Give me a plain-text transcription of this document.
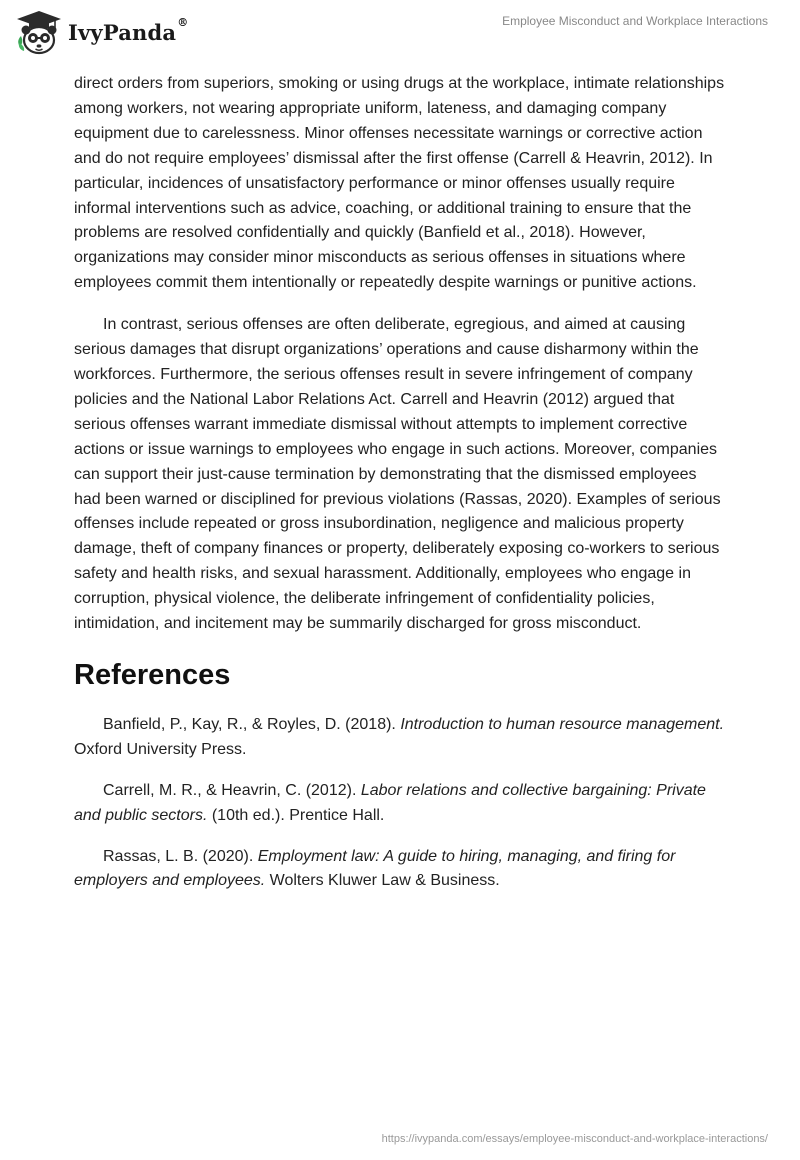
IvyPanda®	Employee Misconduct and Workplace Interactions

direct orders from superiors, smoking or using drugs at the workplace, intimate relationships among workers, not wearing appropriate uniform, lateness, and damaging company equipment due to carelessness. Minor offenses necessitate warnings or corrective action and do not require employees’ dismissal after the first offense (Carrell & Heavrin, 2012). In particular, incidences of unsatisfactory performance or minor offenses usually require informal interventions such as advice, coaching, or additional training to ensure that the problems are resolved confidentially and quickly (Banfield et al., 2018). However, organizations may consider minor misconducts as serious offenses in situations where employees commit them intentionally or repeatedly despite warnings or punitive actions.

In contrast, serious offenses are often deliberate, egregious, and aimed at causing serious damages that disrupt organizations’ operations and cause disharmony within the workforces. Furthermore, the serious offenses result in severe infringement of company policies and the National Labor Relations Act. Carrell and Heavrin (2012) argued that serious offenses warrant immediate dismissal without attempts to implement corrective actions or issue warnings to employees who engage in such actions. Moreover, companies can support their just-cause termination by demonstrating that the dismissed employees had been warned or disciplined for previous violations (Rassas, 2020). Examples of serious offenses include repeated or gross insubordination, negligence and malicious property damage, theft of company finances or property, deliberately exposing co-workers to serious safety and health risks, and sexual harassment. Additionally, employees who engage in corruption, physical violence, the deliberate infringement of confidentiality policies, intimidation, and incitement may be summarily discharged for gross misconduct.

References

Banfield, P., Kay, R., & Royles, D. (2018). Introduction to human resource management. Oxford University Press.

Carrell, M. R., & Heavrin, C. (2012). Labor relations and collective bargaining: Private and public sectors. (10th ed.). Prentice Hall.

Rassas, L. B. (2020). Employment law: A guide to hiring, managing, and firing for employers and employees. Wolters Kluwer Law & Business.

https://ivypanda.com/essays/employee-misconduct-and-workplace-interactions/
